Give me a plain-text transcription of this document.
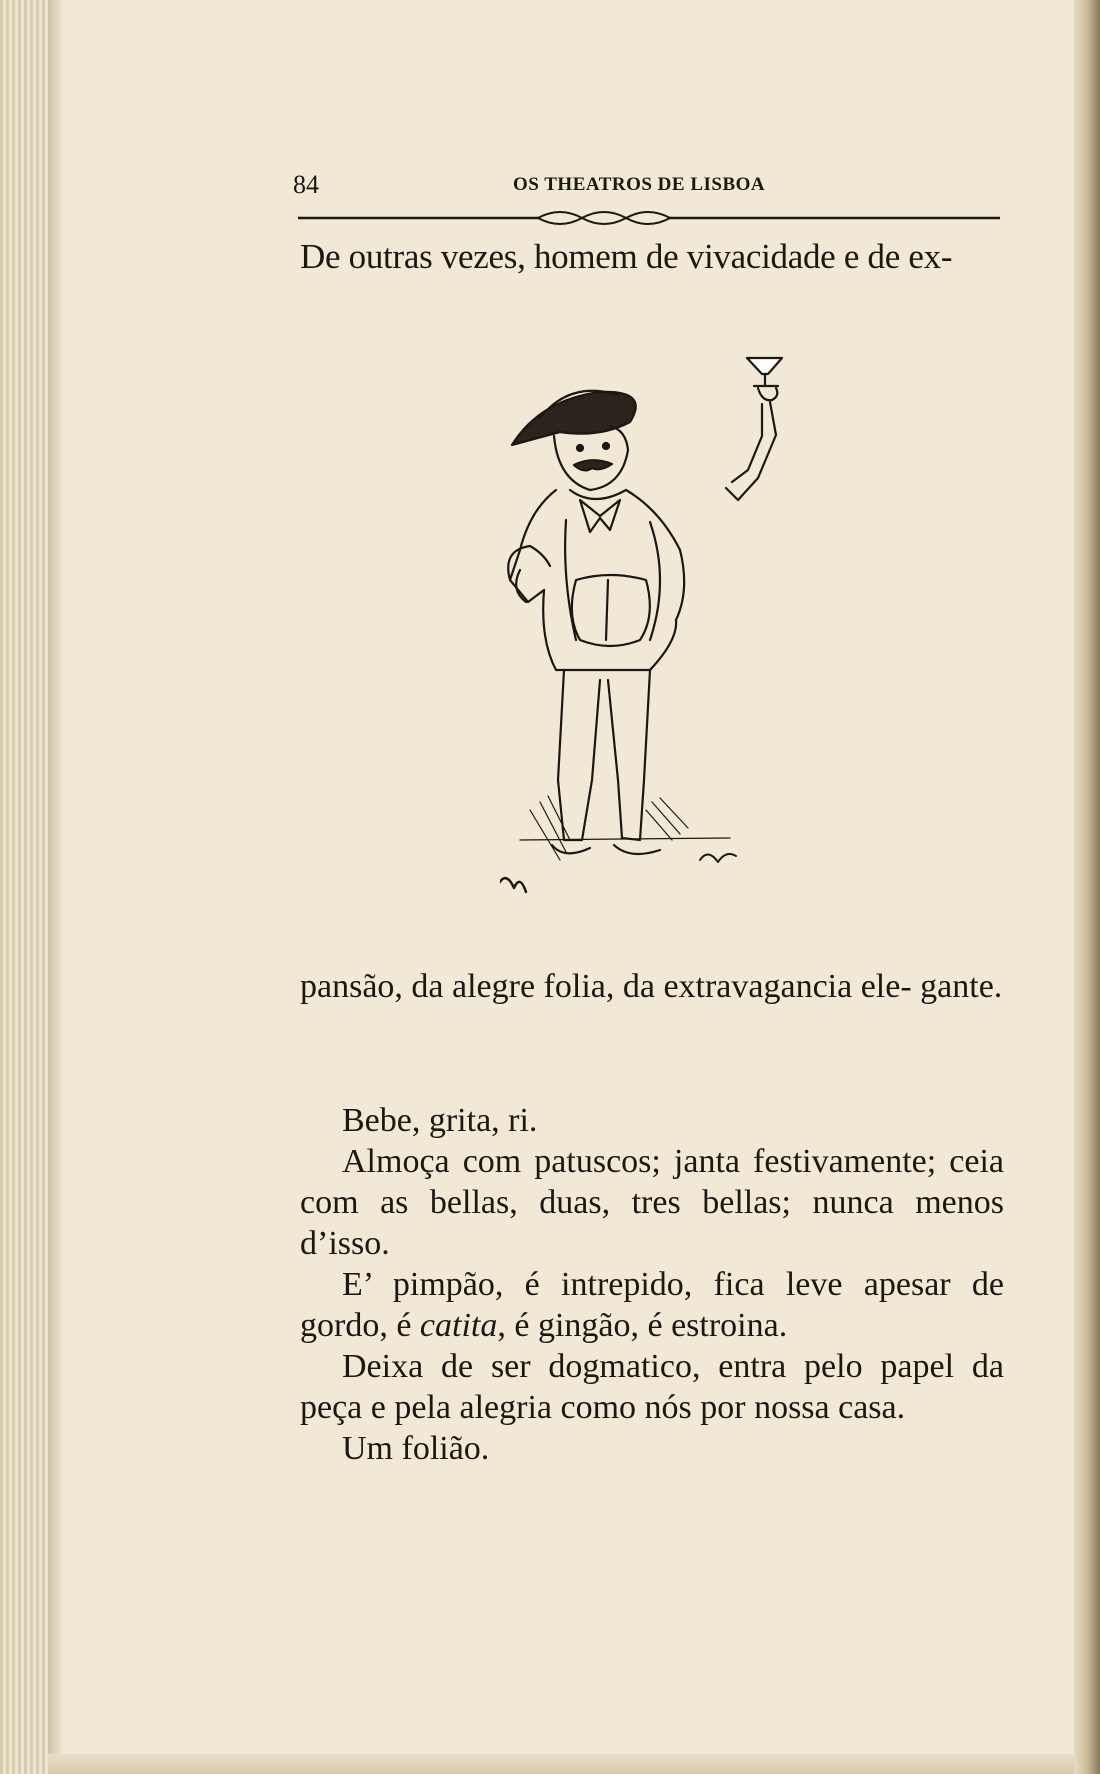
84	OS THEATROS DE LISBOA
De outras vezes, homem de vivacidade e de ex-
pansão, da alegre folia, da extravagancia ele- gante.
Bebe, grita, ri.
Almoça com patuscos; janta festivamente; ceia com as bellas, duas, tres bellas; nunca menos d’isso.
E’ pimpão, é intrepido, fica leve apesar de gordo, é catita, é gingão, é estroina.
Deixa de ser dogmatico, entra pelo papel da peça e pela alegria como nós por nossa casa.
Um folião.
